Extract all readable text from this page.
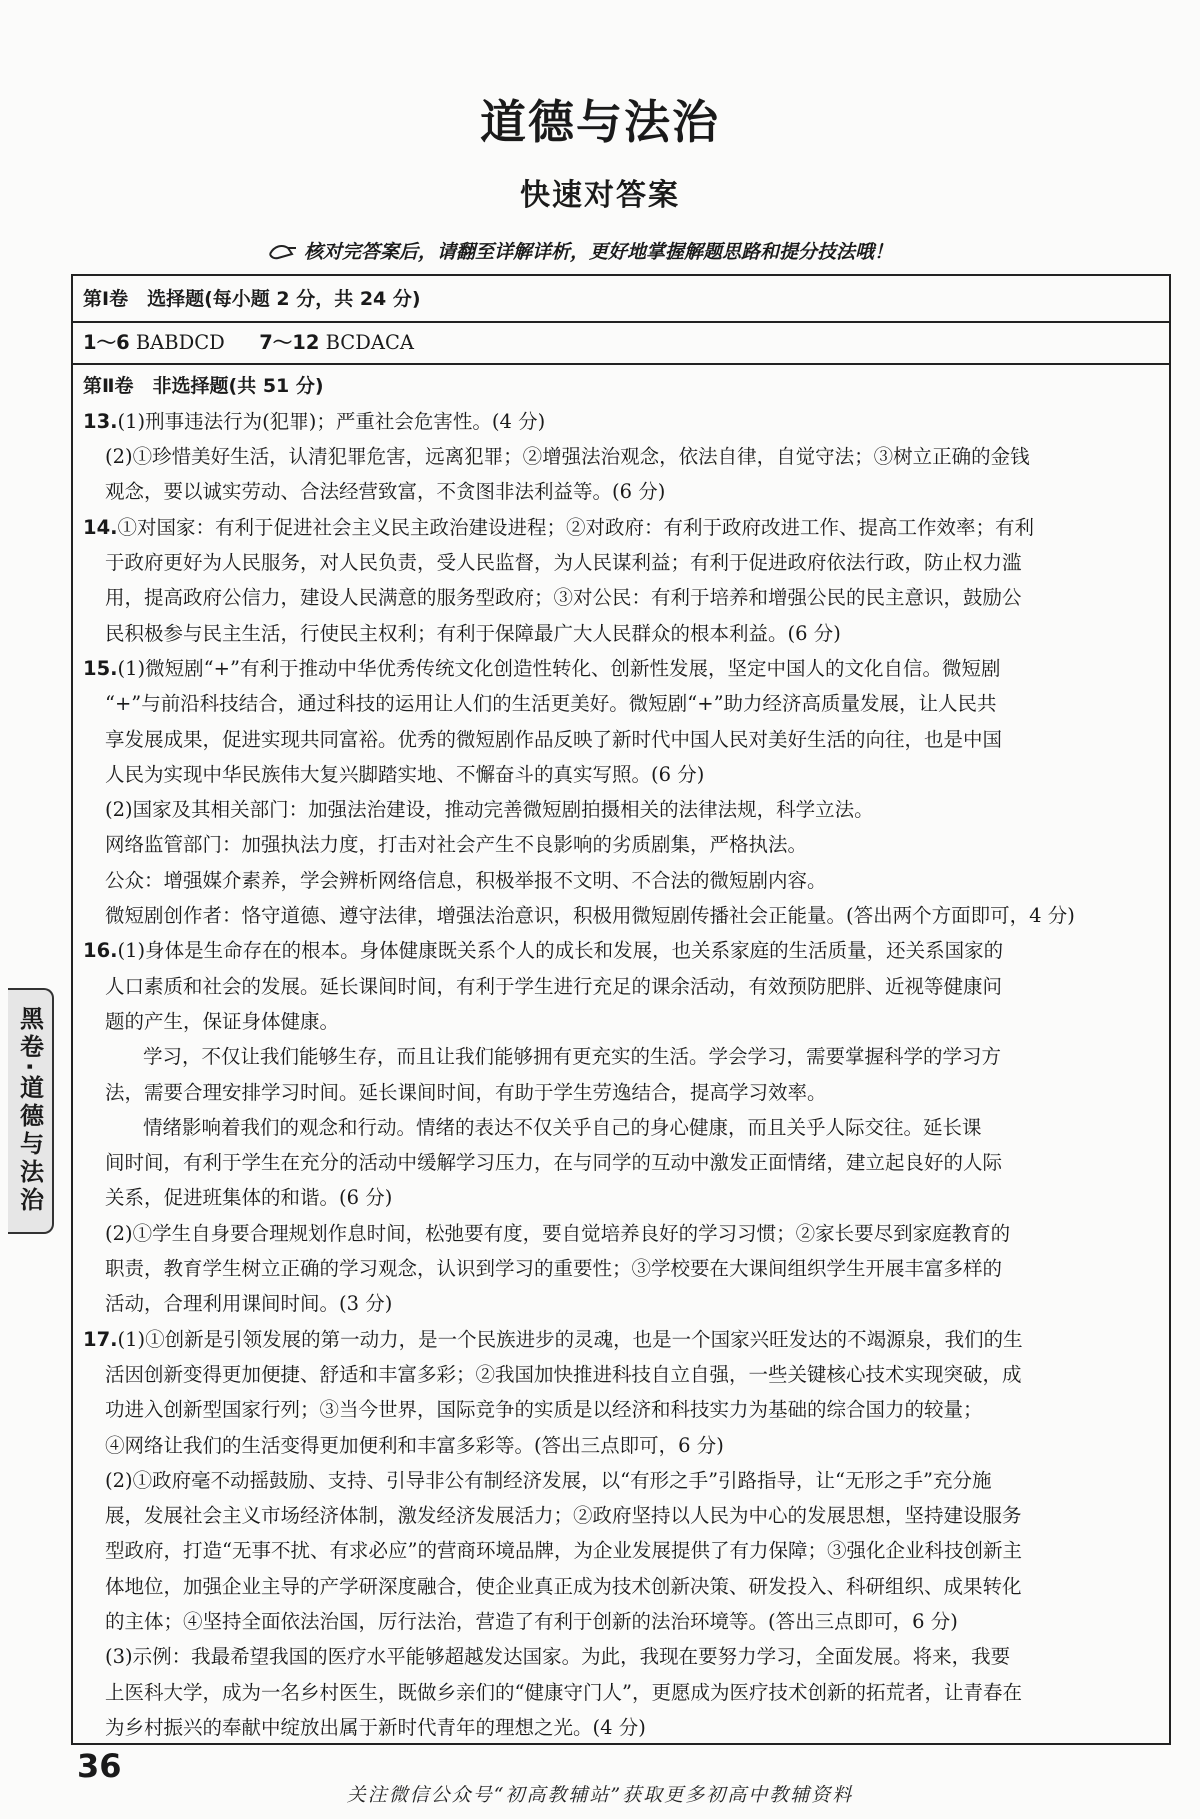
道德与法治
快速对答案
核对完答案后，请翻至详解详析，更好地掌握解题思路和提分技法哦！
第Ⅰ卷　选择题(每小题 2 分，共 24 分)
1～6 BABDCD 7～12 BCDACA
第Ⅱ卷　非选择题(共 51 分)
13.(1)刑事违法行为(犯罪)；严重社会危害性。(4 分)
(2)①珍惜美好生活，认清犯罪危害，远离犯罪；②增强法治观念，依法自律，自觉守法；③树立正确的金钱
观念，要以诚实劳动、合法经营致富，不贪图非法利益等。(6 分)
14.①对国家：有利于促进社会主义民主政治建设进程；②对政府：有利于政府改进工作、提高工作效率；有利
于政府更好为人民服务，对人民负责，受人民监督，为人民谋利益；有利于促进政府依法行政，防止权力滥
用，提高政府公信力，建设人民满意的服务型政府；③对公民：有利于培养和增强公民的民主意识，鼓励公
民积极参与民主生活，行使民主权利；有利于保障最广大人民群众的根本利益。(6 分)
15.(1)微短剧“+”有利于推动中华优秀传统文化创造性转化、创新性发展，坚定中国人的文化自信。微短剧
“+”与前沿科技结合，通过科技的运用让人们的生活更美好。微短剧“+”助力经济高质量发展，让人民共
享发展成果，促进实现共同富裕。优秀的微短剧作品反映了新时代中国人民对美好生活的向往，也是中国
人民为实现中华民族伟大复兴脚踏实地、不懈奋斗的真实写照。(6 分)
(2)国家及其相关部门：加强法治建设，推动完善微短剧拍摄相关的法律法规，科学立法。
网络监管部门：加强执法力度，打击对社会产生不良影响的劣质剧集，严格执法。
公众：增强媒介素养，学会辨析网络信息，积极举报不文明、不合法的微短剧内容。
微短剧创作者：恪守道德、遵守法律，增强法治意识，积极用微短剧传播社会正能量。(答出两个方面即可，4 分)
16.(1)身体是生命存在的根本。身体健康既关系个人的成长和发展，也关系家庭的生活质量，还关系国家的
人口素质和社会的发展。延长课间时间，有利于学生进行充足的课余活动，有效预防肥胖、近视等健康问
题的产生，保证身体健康。
学习，不仅让我们能够生存，而且让我们能够拥有更充实的生活。学会学习，需要掌握科学的学习方
法，需要合理安排学习时间。延长课间时间，有助于学生劳逸结合，提高学习效率。
情绪影响着我们的观念和行动。情绪的表达不仅关乎自己的身心健康，而且关乎人际交往。延长课
间时间，有利于学生在充分的活动中缓解学习压力，在与同学的互动中激发正面情绪，建立起良好的人际
关系，促进班集体的和谐。(6 分)
(2)①学生自身要合理规划作息时间，松弛要有度，要自觉培养良好的学习习惯；②家长要尽到家庭教育的
职责，教育学生树立正确的学习观念，认识到学习的重要性；③学校要在大课间组织学生开展丰富多样的
活动，合理利用课间时间。(3 分)
17.(1)①创新是引领发展的第一动力，是一个民族进步的灵魂，也是一个国家兴旺发达的不竭源泉，我们的生
活因创新变得更加便捷、舒适和丰富多彩；②我国加快推进科技自立自强，一些关键核心技术实现突破，成
功进入创新型国家行列；③当今世界，国际竞争的实质是以经济和科技实力为基础的综合国力的较量；
④网络让我们的生活变得更加便利和丰富多彩等。(答出三点即可，6 分)
(2)①政府毫不动摇鼓励、支持、引导非公有制经济发展，以“有形之手”引路指导，让“无形之手”充分施
展，发展社会主义市场经济体制，激发经济发展活力；②政府坚持以人民为中心的发展思想，坚持建设服务
型政府，打造“无事不扰、有求必应”的营商环境品牌，为企业发展提供了有力保障；③强化企业科技创新主
体地位，加强企业主导的产学研深度融合，使企业真正成为技术创新决策、研发投入、科研组织、成果转化
的主体；④坚持全面依法治国，厉行法治，营造了有利于创新的法治环境等。(答出三点即可，6 分)
(3)示例：我最希望我国的医疗水平能够超越发达国家。为此，我现在要努力学习，全面发展。将来，我要
上医科大学，成为一名乡村医生，既做乡亲们的“健康守门人”，更愿成为医疗技术创新的拓荒者，让青春在
为乡村振兴的奉献中绽放出属于新时代青年的理想之光。(4 分)
黑卷·道德与法治
36
关注微信公众号“初高教辅站”获取更多初高中教辅资料
